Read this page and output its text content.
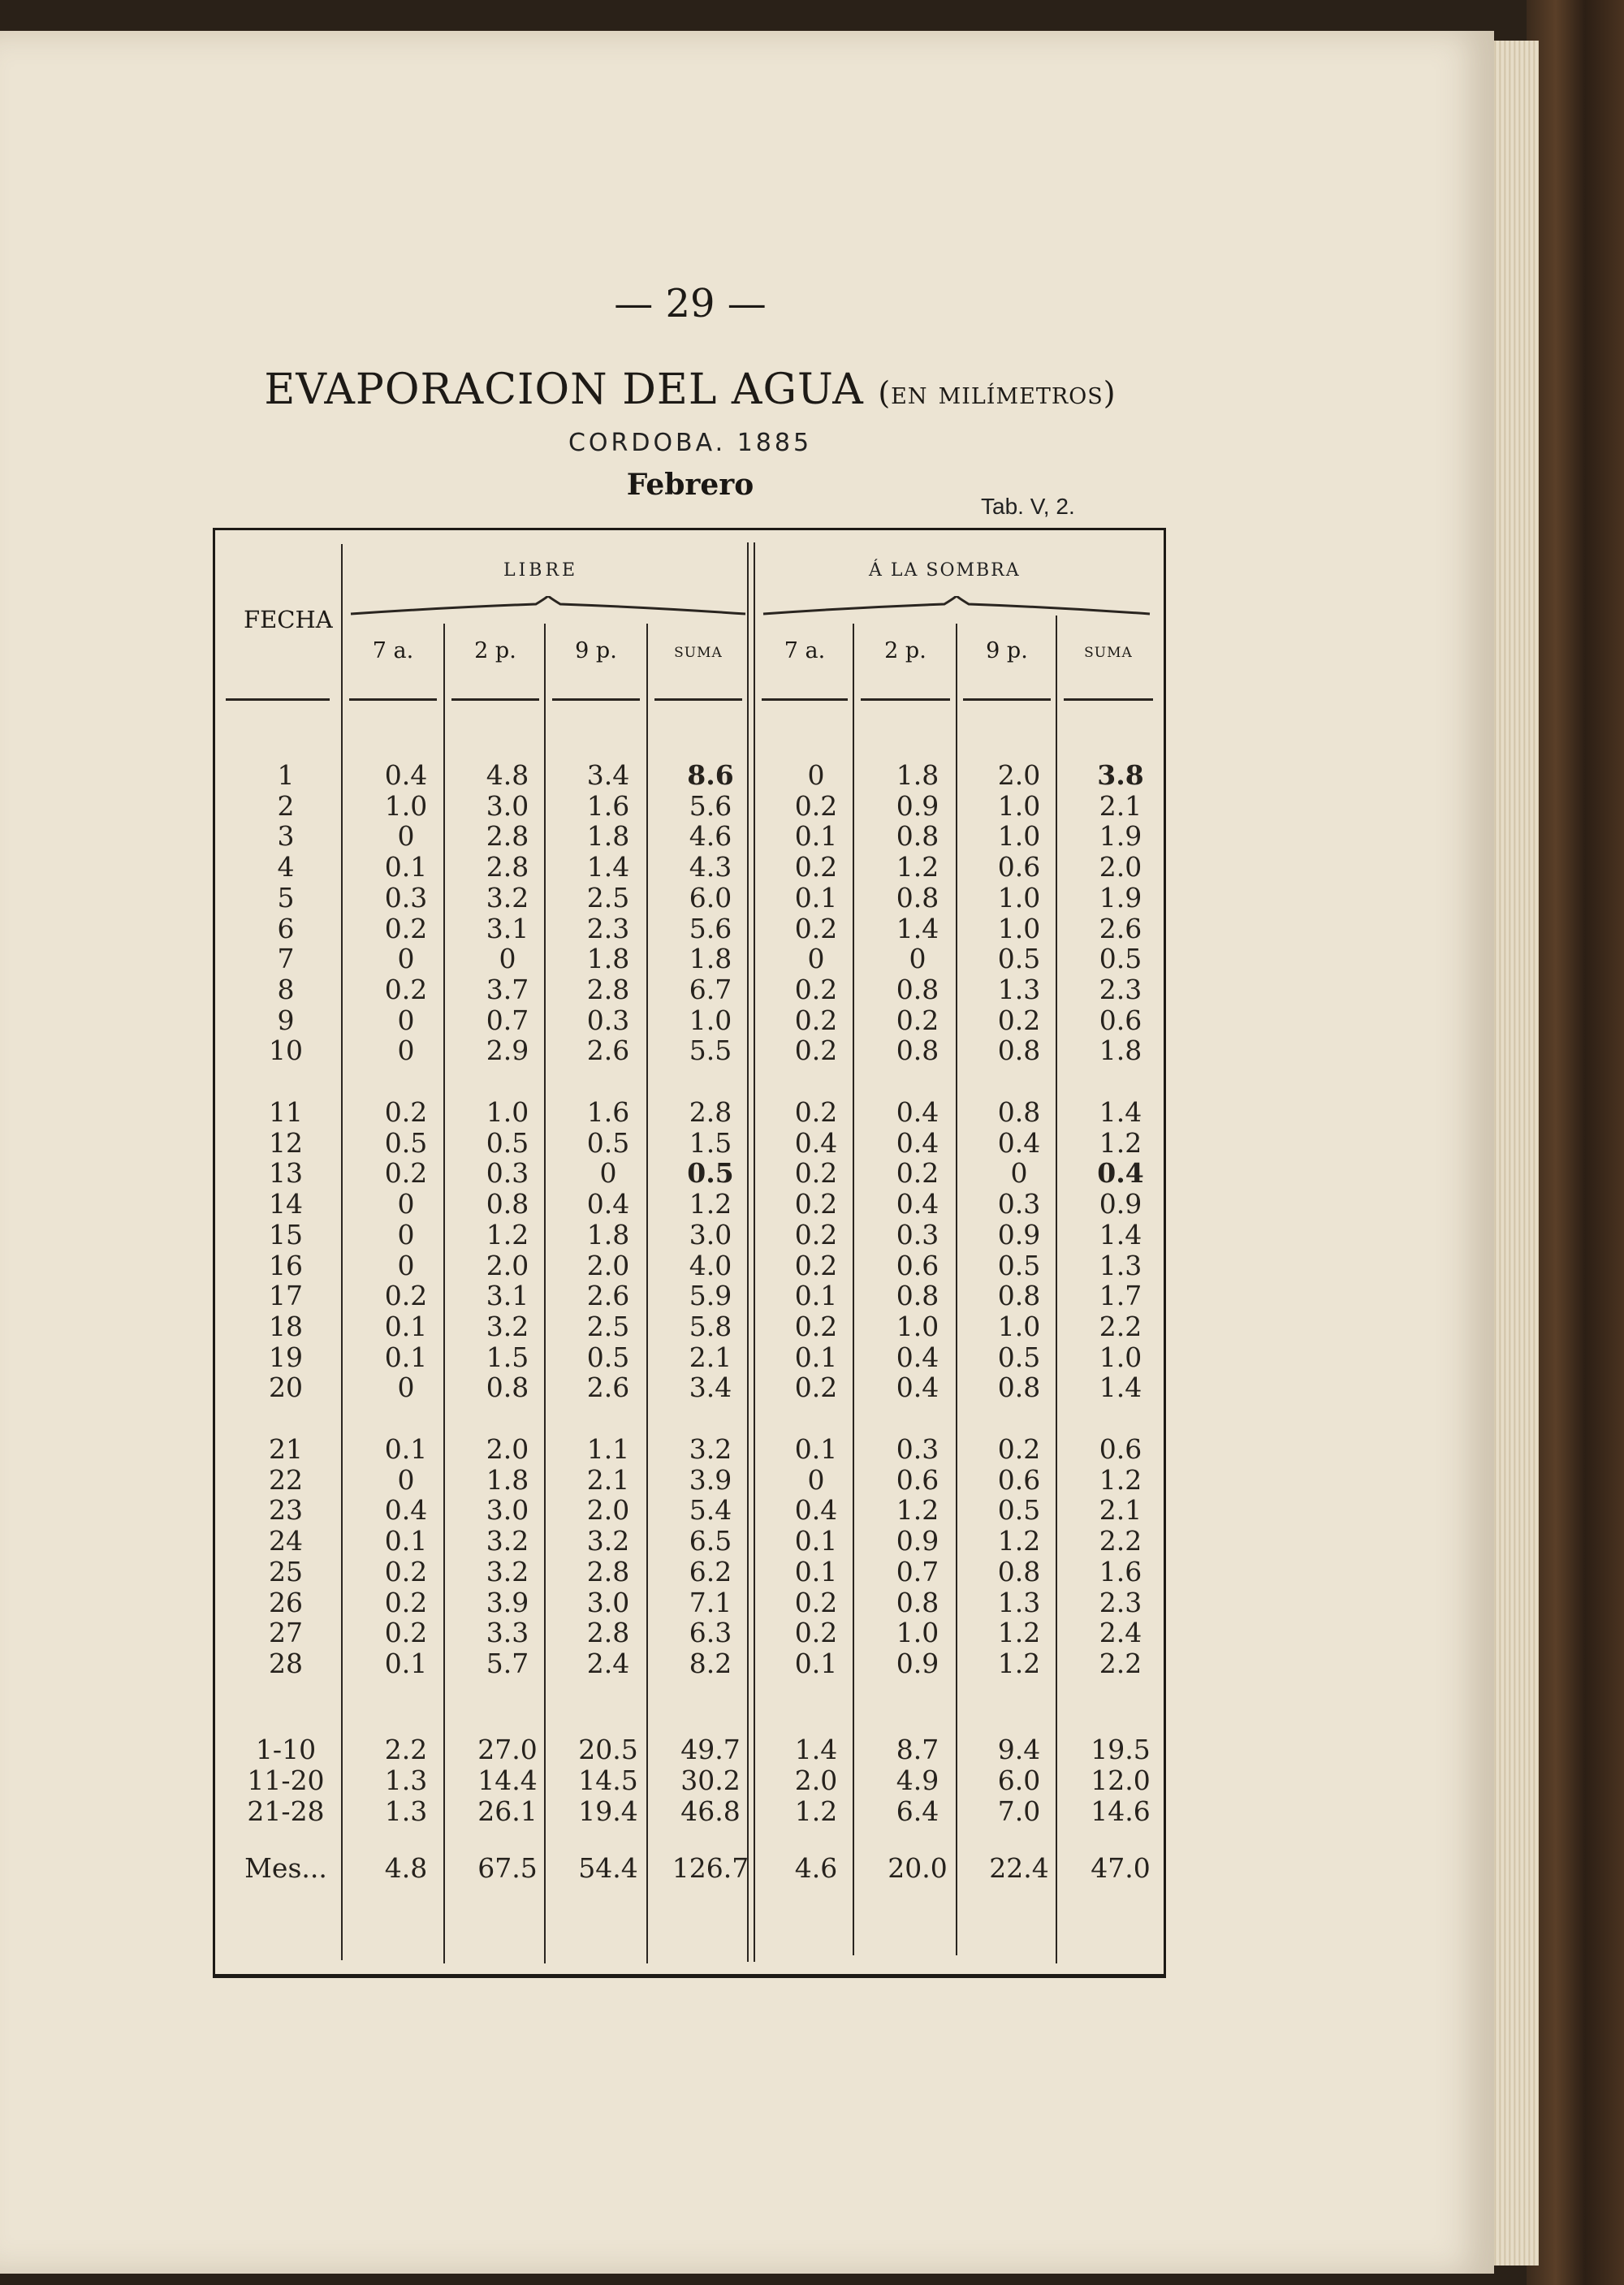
— 29 —
EVAPORACION DEL AGUA (en milímetros)
CORDOBA. 1885
Febrero
Tab. V, 2.
LIBRE	Á LA SOMBRA
FECHA
7 a.	2 p.	9 p.	SUMA	7 a.	2 p.	9 p.	SUMA
1	0.4	4.8	3.4	8.6	0	1.8	2.0	3.8
2	1.0	3.0	1.6	5.6	0.2	0.9	1.0	2.1
3	0	2.8	1.8	4.6	0.1	0.8	1.0	1.9
4	0.1	2.8	1.4	4.3	0.2	1.2	0.6	2.0
5	0.3	3.2	2.5	6.0	0.1	0.8	1.0	1.9
6	0.2	3.1	2.3	5.6	0.2	1.4	1.0	2.6
7	0	0	1.8	1.8	0	0	0.5	0.5
8	0.2	3.7	2.8	6.7	0.2	0.8	1.3	2.3
9	0	0.7	0.3	1.0	0.2	0.2	0.2	0.6
10	0	2.9	2.6	5.5	0.2	0.8	0.8	1.8
11	0.2	1.0	1.6	2.8	0.2	0.4	0.8	1.4
12	0.5	0.5	0.5	1.5	0.4	0.4	0.4	1.2
13	0.2	0.3	0	0.5	0.2	0.2	0	0.4
14	0	0.8	0.4	1.2	0.2	0.4	0.3	0.9
15	0	1.2	1.8	3.0	0.2	0.3	0.9	1.4
16	0	2.0	2.0	4.0	0.2	0.6	0.5	1.3
17	0.2	3.1	2.6	5.9	0.1	0.8	0.8	1.7
18	0.1	3.2	2.5	5.8	0.2	1.0	1.0	2.2
19	0.1	1.5	0.5	2.1	0.1	0.4	0.5	1.0
20	0	0.8	2.6	3.4	0.2	0.4	0.8	1.4
21	0.1	2.0	1.1	3.2	0.1	0.3	0.2	0.6
22	0	1.8	2.1	3.9	0	0.6	0.6	1.2
23	0.4	3.0	2.0	5.4	0.4	1.2	0.5	2.1
24	0.1	3.2	3.2	6.5	0.1	0.9	1.2	2.2
25	0.2	3.2	2.8	6.2	0.1	0.7	0.8	1.6
26	0.2	3.9	3.0	7.1	0.2	0.8	1.3	2.3
27	0.2	3.3	2.8	6.3	0.2	1.0	1.2	2.4
28	0.1	5.7	2.4	8.2	0.1	0.9	1.2	2.2
1-10	2.2	27.0	20.5	49.7	1.4	8.7	9.4	19.5
11-20	1.3	14.4	14.5	30.2	2.0	4.9	6.0	12.0
21-28	1.3	26.1	19.4	46.8	1.2	6.4	7.0	14.6
Mes...	4.8	67.5	54.4	126.7	4.6	20.0	22.4	47.0
